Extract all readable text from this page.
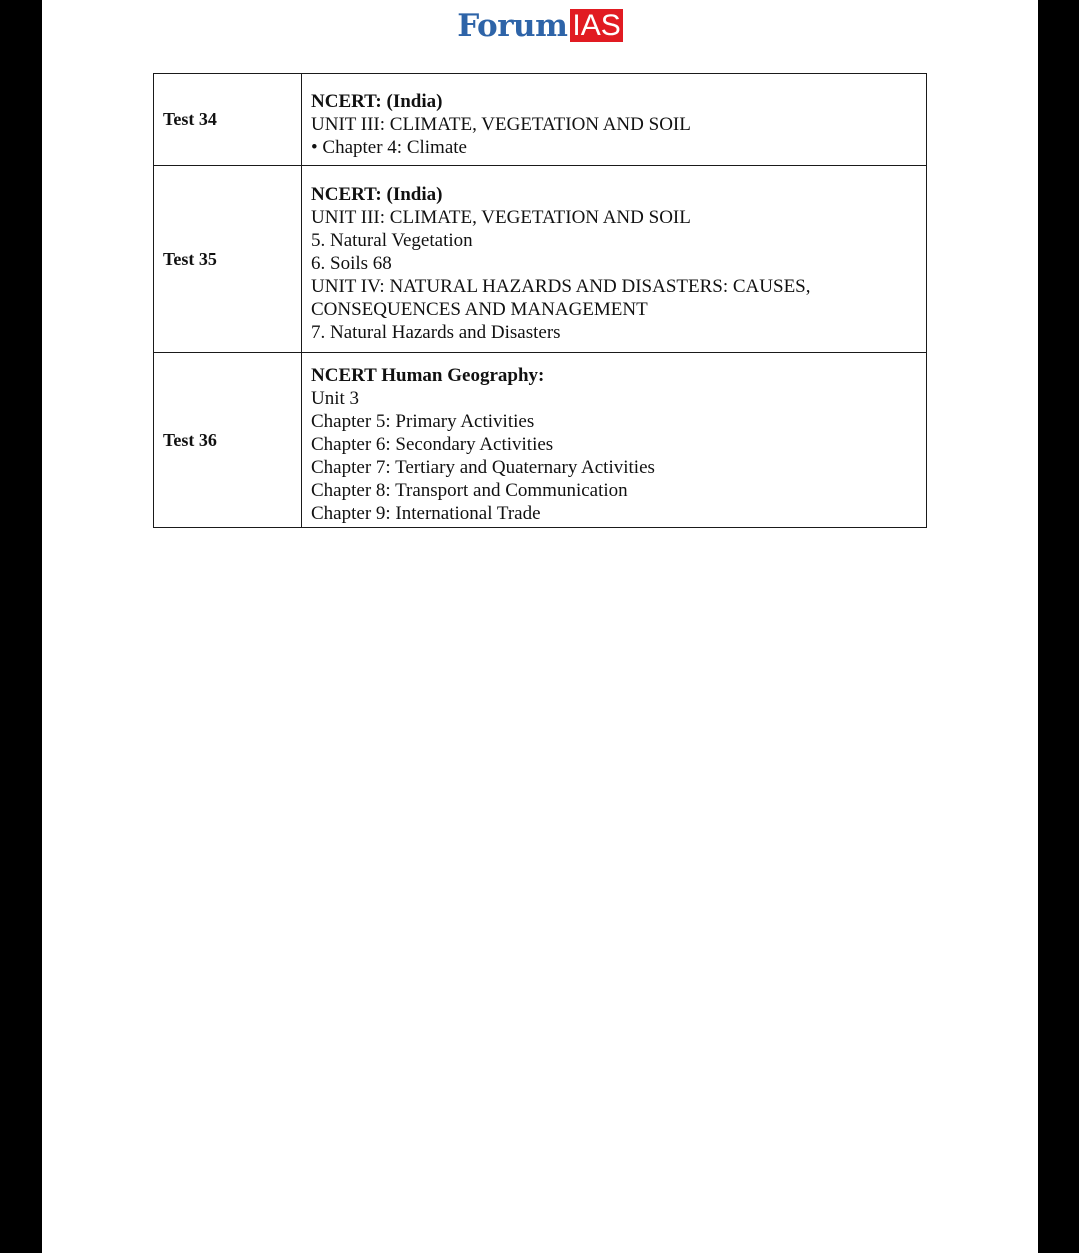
Forum IAS
Test 34	NCERT: (India)
UNIT III: CLIMATE, VEGETATION AND SOIL
• Chapter 4: Climate

Test 35	
NCERT: (India)
UNIT III: CLIMATE, VEGETATION AND SOIL
5. Natural Vegetation
6. Soils 68
UNIT IV: NATURAL HAZARDS AND DISASTERS: CAUSES,
CONSEQUENCES AND MANAGEMENT
7. Natural Hazards and Disasters

Test 36	
NCERT Human Geography:
Unit 3
Chapter 5: Primary Activities
Chapter 6: Secondary Activities
Chapter 7: Tertiary and Quaternary Activities
Chapter 8: Transport and Communication
Chapter 9: International Trade
